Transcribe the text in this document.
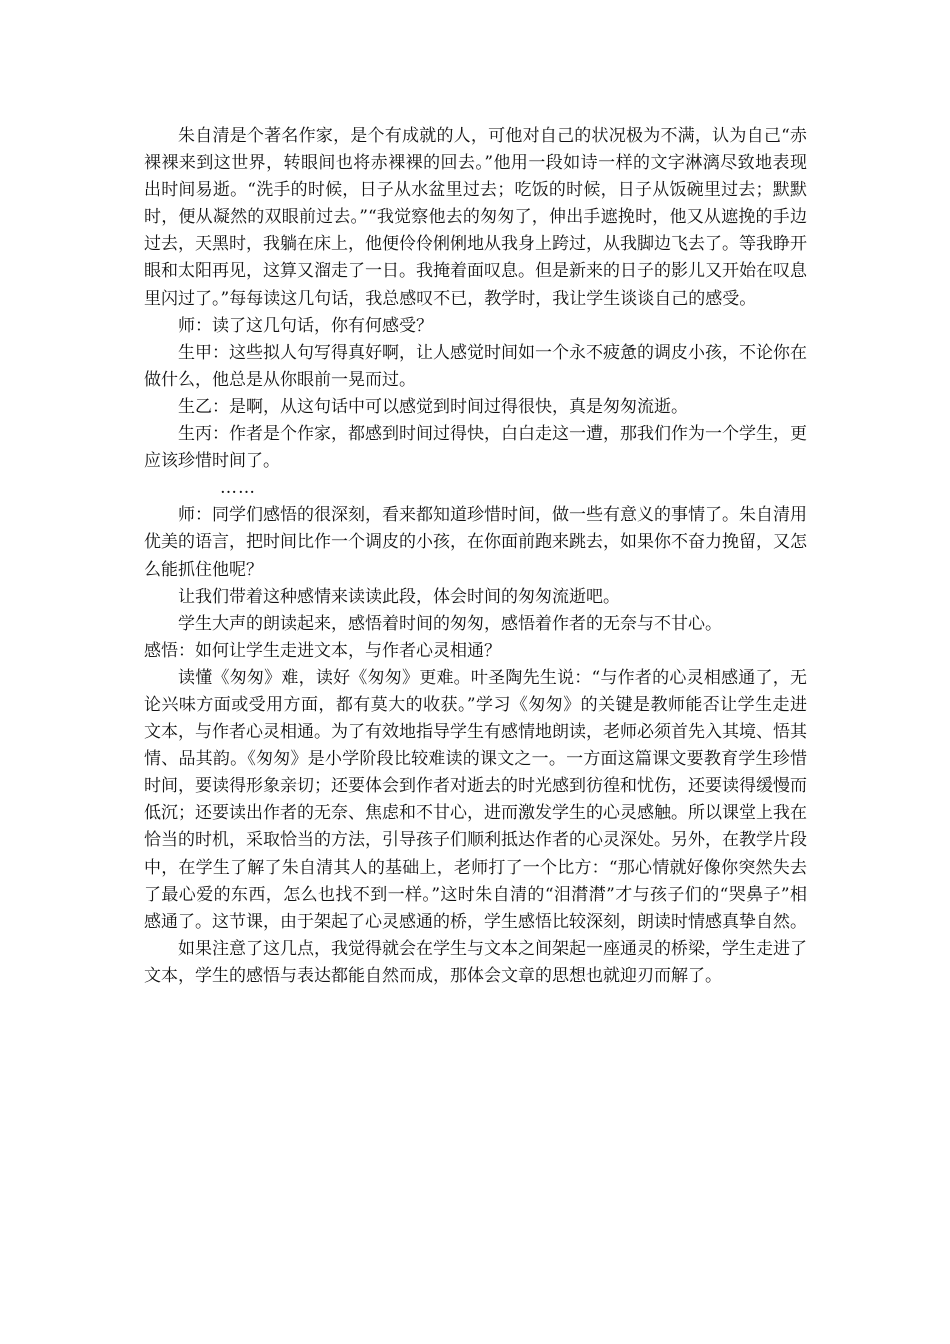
朱自清是个著名作家，是个有成就的人，可他对自己的状况极为不满，认为自己“赤裸裸来到这世界，转眼间也将赤裸裸的回去。”他用一段如诗一样的文字淋漓尽致地表现出时间易逝。“洗手的时候，日子从水盆里过去；吃饭的时候，日子从饭碗里过去；默默时，便从凝然的双眼前过去。”“我觉察他去的匆匆了，伸出手遮挽时，他又从遮挽的手边过去，天黑时，我躺在床上，他便伶伶俐俐地从我身上跨过，从我脚边飞去了。等我睁开眼和太阳再见，这算又溜走了一日。我掩着面叹息。但是新来的日子的影儿又开始在叹息里闪过了。”每每读这几句话，我总感叹不已，教学时，我让学生谈谈自己的感受。

师：读了这几句话，你有何感受？

生甲：这些拟人句写得真好啊，让人感觉时间如一个永不疲惫的调皮小孩，不论你在做什么，他总是从你眼前一晃而过。

生乙：是啊，从这句话中可以感觉到时间过得很快，真是匆匆流逝。

生丙：作者是个作家，都感到时间过得快，白白走这一遭，那我们作为一个学生，更应该珍惜时间了。

……

师：同学们感悟的很深刻，看来都知道珍惜时间，做一些有意义的事情了。朱自清用优美的语言，把时间比作一个调皮的小孩，在你面前跑来跳去，如果你不奋力挽留，又怎么能抓住他呢？

让我们带着这种感情来读读此段，体会时间的匆匆流逝吧。

学生大声的朗读起来，感悟着时间的匆匆，感悟着作者的无奈与不甘心。

感悟：如何让学生走进文本，与作者心灵相通？

读懂《匆匆》难，读好《匆匆》更难。叶圣陶先生说：“与作者的心灵相感通了，无论兴味方面或受用方面，都有莫大的收获。”学习《匆匆》的关键是教师能否让学生走进文本，与作者心灵相通。为了有效地指导学生有感情地朗读，老师必须首先入其境、悟其情、品其韵。《匆匆》是小学阶段比较难读的课文之一。一方面这篇课文要教育学生珍惜时间，要读得形象亲切；还要体会到作者对逝去的时光感到彷徨和忧伤，还要读得缓慢而低沉；还要读出作者的无奈、焦虑和不甘心，进而激发学生的心灵感触。所以课堂上我在恰当的时机，采取恰当的方法，引导孩子们顺利抵达作者的心灵深处。另外，在教学片段中，在学生了解了朱自清其人的基础上，老师打了一个比方：“那心情就好像你突然失去了最心爱的东西，怎么也找不到一样。”这时朱自清的“泪潸潸”才与孩子们的“哭鼻子”相感通了。这节课，由于架起了心灵感通的桥，学生感悟比较深刻，朗读时情感真挚自然。

如果注意了这几点，我觉得就会在学生与文本之间架起一座通灵的桥梁，学生走进了文本，学生的感悟与表达都能自然而成，那体会文章的思想也就迎刃而解了。
